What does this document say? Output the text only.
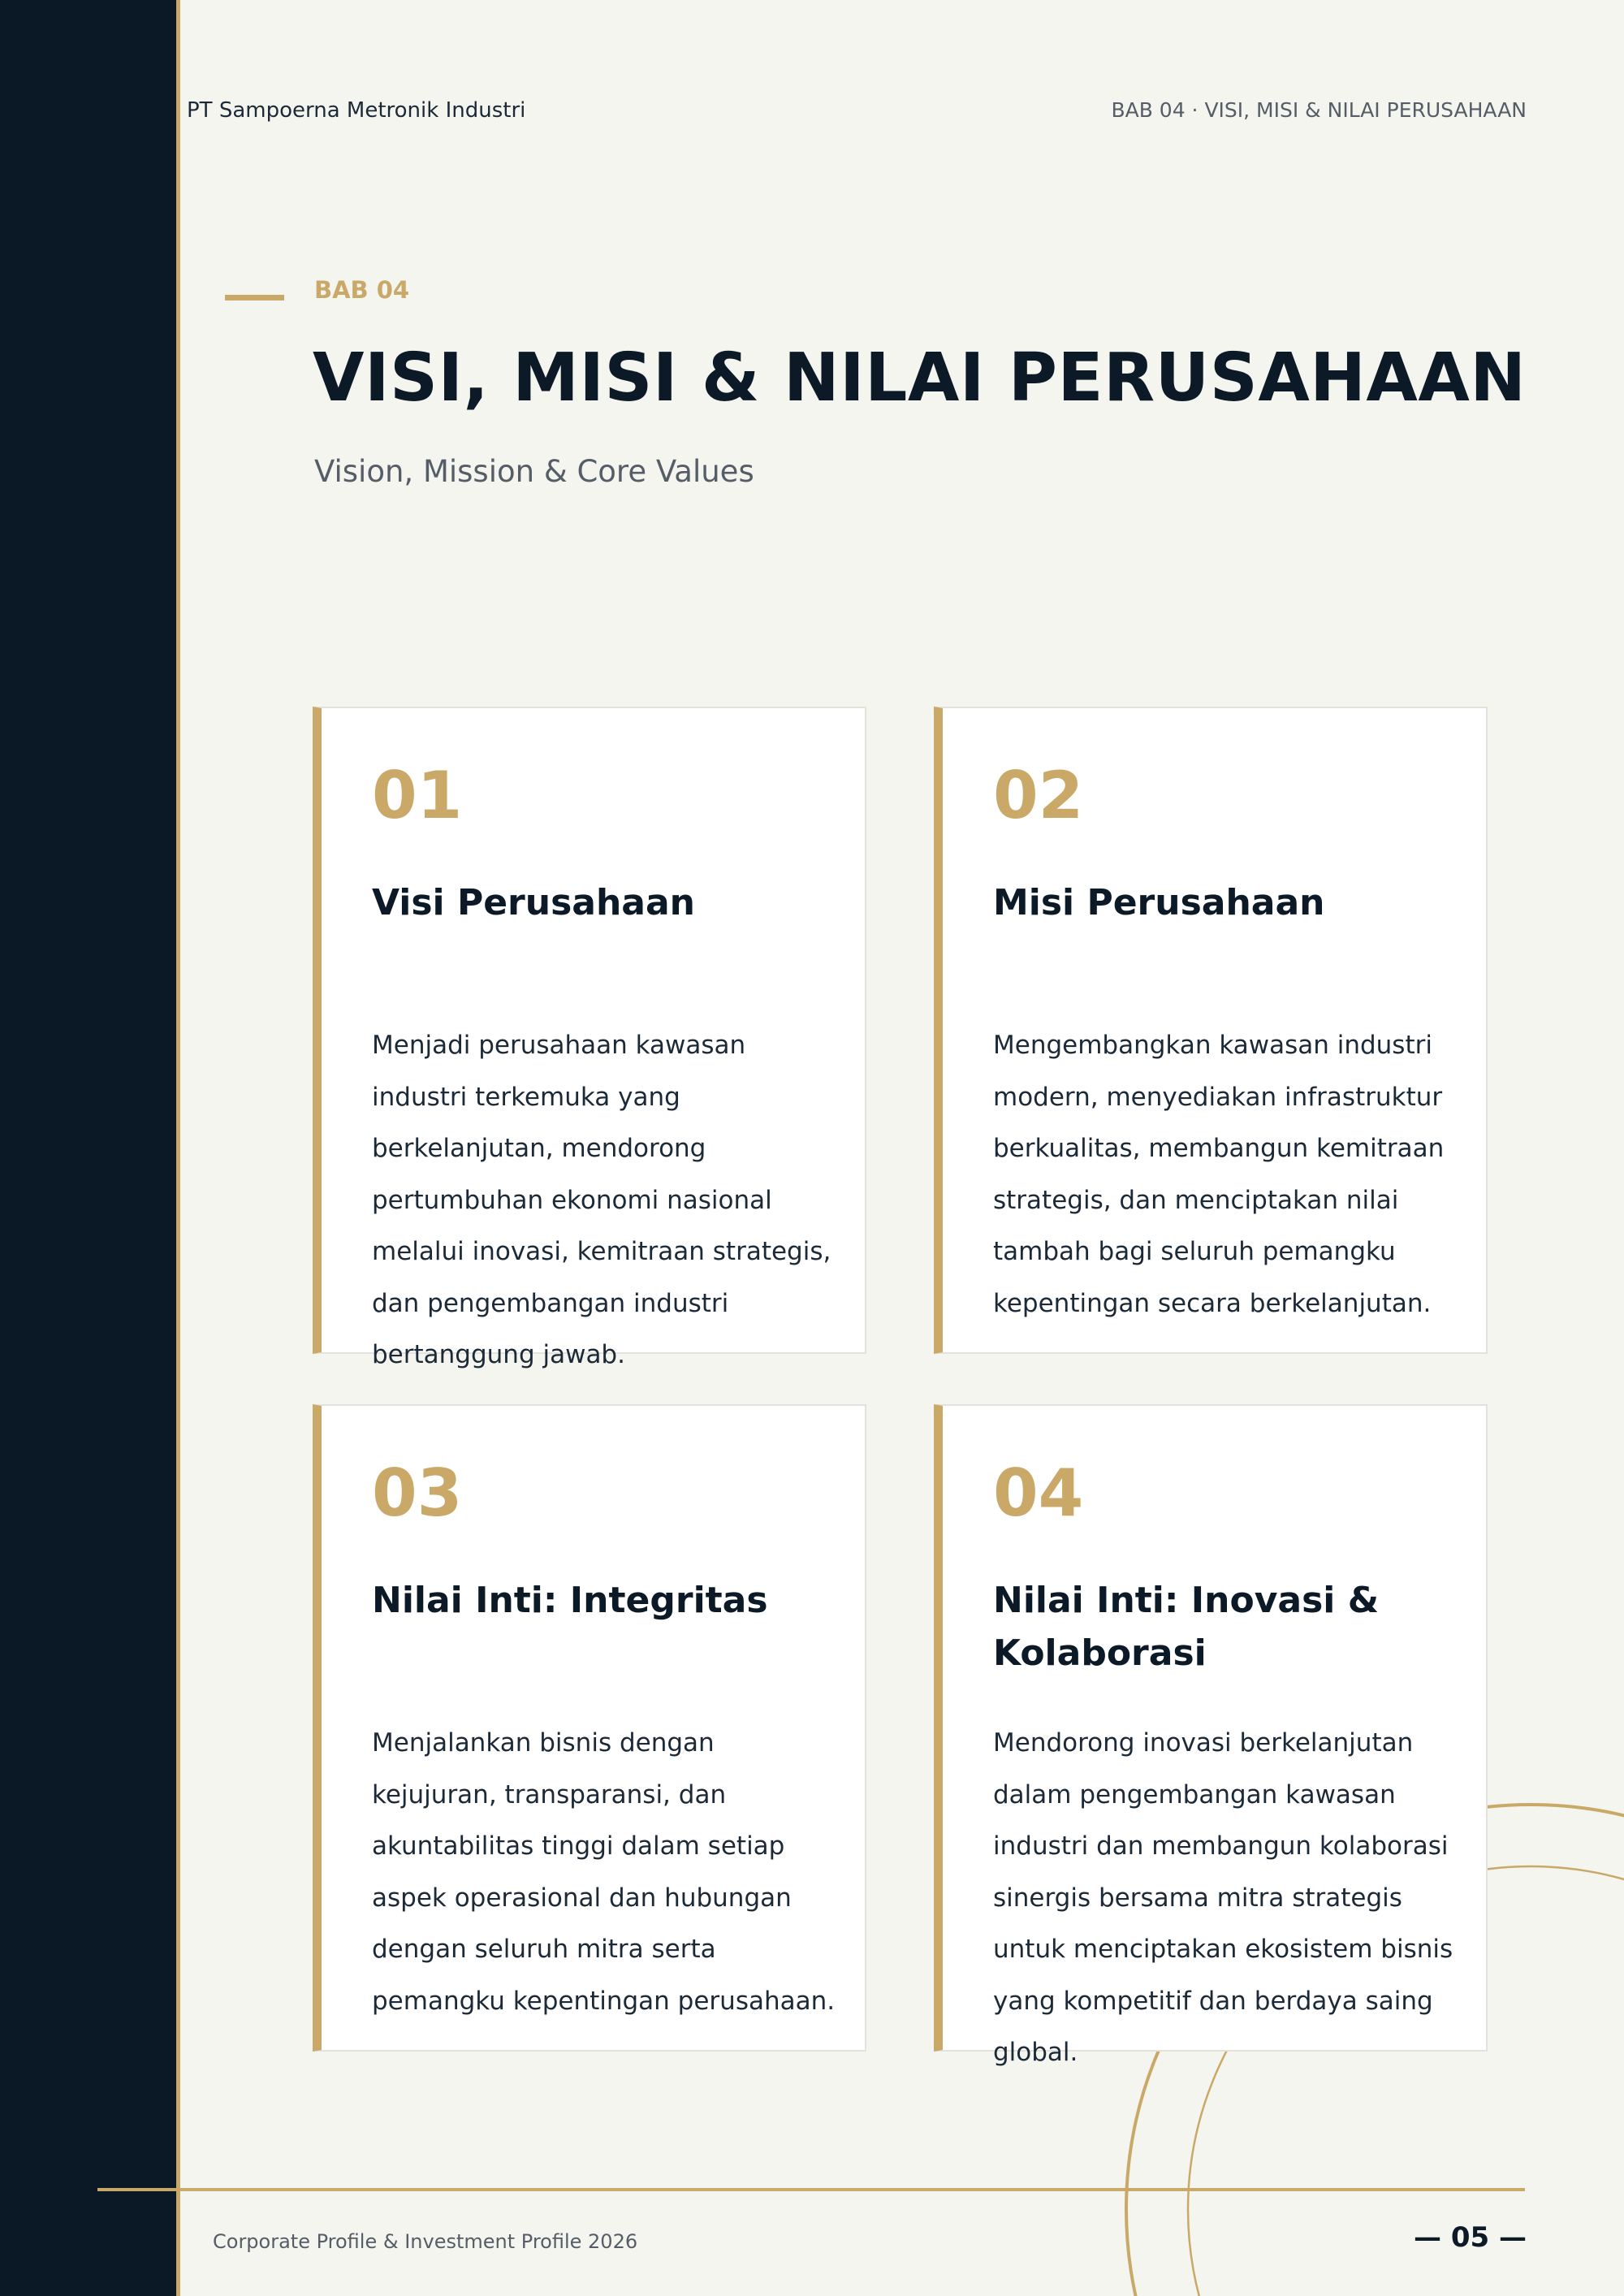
PT Sampoerna Metronik Industri	BAB 04 · VISI, MISI & NILAI PERUSAHAAN
BAB 04
VISI, MISI & NILAI PERUSAHAAN
Vision, Mission & Core Values
01
Visi Perusahaan

Menjadi perusahaan kawasan industri terkemuka yang berkelanjutan, mendorong pertumbuhan ekonomi nasional melalui inovasi, kemitraan strategis, dan pengembangan industri bertanggung jawab.

02
Misi Perusahaan

Mengembangkan kawasan industri modern, menyediakan infrastruktur berkualitas, membangun kemitraan strategis, dan menciptakan nilai tambah bagi seluruh pemangku kepentingan secara berkelanjutan.

03
Nilai Inti: Integritas

Menjalankan bisnis dengan kejujuran, transparansi, dan akuntabilitas tinggi dalam setiap aspek operasional dan hubungan dengan seluruh mitra serta pemangku kepentingan perusahaan.

04
Nilai Inti: Inovasi & Kolaborasi

Mendorong inovasi berkelanjutan dalam pengembangan kawasan industri dan membangun kolaborasi sinergis bersama mitra strategis untuk menciptakan ekosistem bisnis yang kompetitif dan berdaya saing global.

Corporate Profile & Investment Profile 2026	— 05 —
